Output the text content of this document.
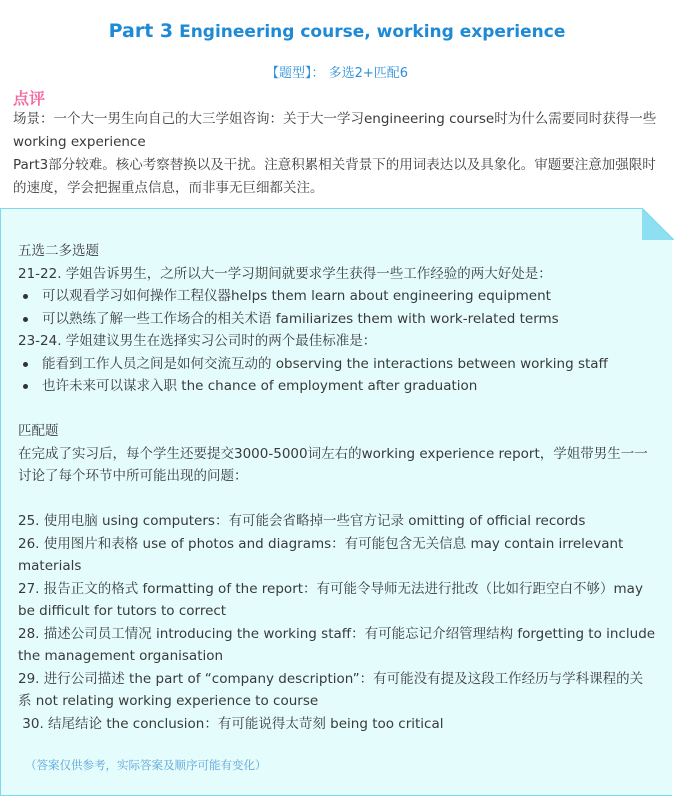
Part 3 Engineering course, working experience
【题型】： 多选2+匹配6
点评

场景：一个大一男生向自己的大三学姐咨询：关于大一学习engineering course时为什么需要同时获得一些working experience

Part3部分较难。核心考察替换以及干扰。注意积累相关背景下的用词表达以及具象化。审题要注意加强限时的速度，学会把握重点信息，而非事无巨细都关注。

五选二多选题

21-22. 学姐告诉男生，之所以大一学习期间就要求学生获得一些工作经验的两大好处是：

可以观看学习如何操作工程仪器helps them learn about engineering equipment
可以熟练了解一些工作场合的相关术语 familiarizes them with work-related terms

23-24. 学姐建议男生在选择实习公司时的两个最佳标准是：

能看到工作人员之间是如何交流互动的 observing the interactions between working staff
也许未来可以谋求入职 the chance of employment after graduation

匹配题

在完成了实习后，每个学生还要提交3000-5000词左右的working experience report，学姐带男生一一讨论了每个环节中所可能出现的问题：

25. 使用电脑 using computers：有可能会省略掉一些官方记录 omitting of official records

26. 使用图片和表格 use of photos and diagrams：有可能包含无关信息 may contain irrelevant materials

27. 报告正文的格式 formatting of the report：有可能令导师无法进行批改（比如行距空白不够）may be difficult for tutors to correct

28. 描述公司员工情况 introducing the working staff：有可能忘记介绍管理结构 forgetting to include the management organisation

29. 进行公司描述 the part of “company description”：有可能没有提及这段工作经历与学科课程的关系 not relating working experience to course

30. 结尾结论 the conclusion：有可能说得太苛刻 being too critical

（答案仅供参考，实际答案及顺序可能有变化）
